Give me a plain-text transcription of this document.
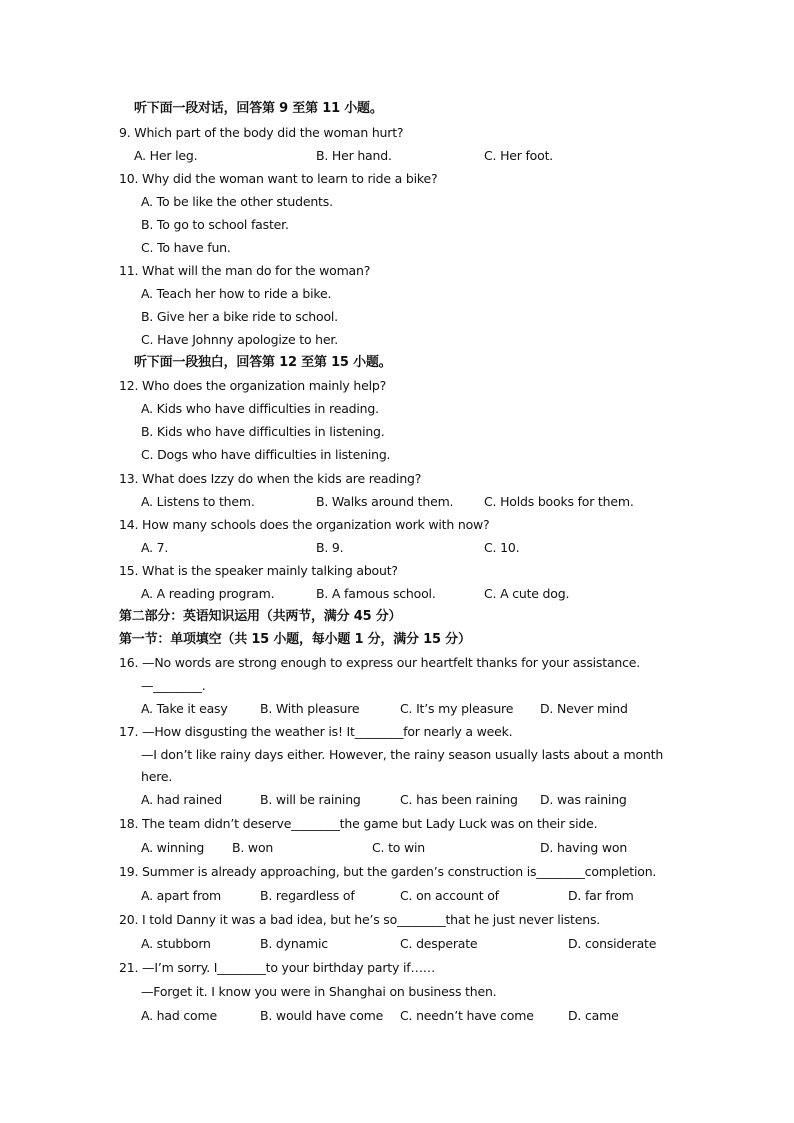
听下面一段对话，回答第 9 至第 11 小题。
9. Which part of the body did the woman hurt?
A. Her leg.	B. Her hand.	C. Her foot.
10. Why did the woman want to learn to ride a bike?
A. To be like the other students.
B. To go to school faster.
C. To have fun.
11. What will the man do for the woman?
A. Teach her how to ride a bike.
B. Give her a bike ride to school.
C. Have Johnny apologize to her.
听下面一段独白，回答第 12 至第 15 小题。
12. Who does the organization mainly help?
A. Kids who have difficulties in reading.
B. Kids who have difficulties in listening.
C. Dogs who have difficulties in listening.
13. What does Izzy do when the kids are reading?
A. Listens to them.	B. Walks around them. C. Holds books for them.
14. How many schools does the organization work with now?
A. 7.	B. 9.	C. 10.
15. What is the speaker mainly talking about?
A. A reading program.	B. A famous school.	C. A cute dog.
第二部分：英语知识运用（共两节，满分 45 分）
第一节：单项填空（共 15 小题，每小题 1 分，满分 15 分）
16. —No words are strong enough to express our heartfelt thanks for your assistance.
—________.
A. Take it easy	B. With pleasure	C. It’s my pleasure D. Never mind
17. —How disgusting the weather is! It________for nearly a week.
—I don’t like rainy days either. However, the rainy season usually lasts about a month
here.
A. had rained	B. will be raining	C. has been raining D. was raining
18. The team didn’t deserve________the game but Lady Luck was on their side.
A. winning B. won	C. to win	D. having won
19. Summer is already approaching, but the garden’s construction is________completion.
A. apart from	B. regardless of	C. on account of	D. far from
20. I told Danny it was a bad idea, but he’s so________that he just never listens.
A. stubborn	B. dynamic	C. desperate	D. considerate
21. —I’m sorry. I________to your birthday party if……
—Forget it. I know you were in Shanghai on business then.
A. had come	B. would have come C. needn’t have come	D. came
